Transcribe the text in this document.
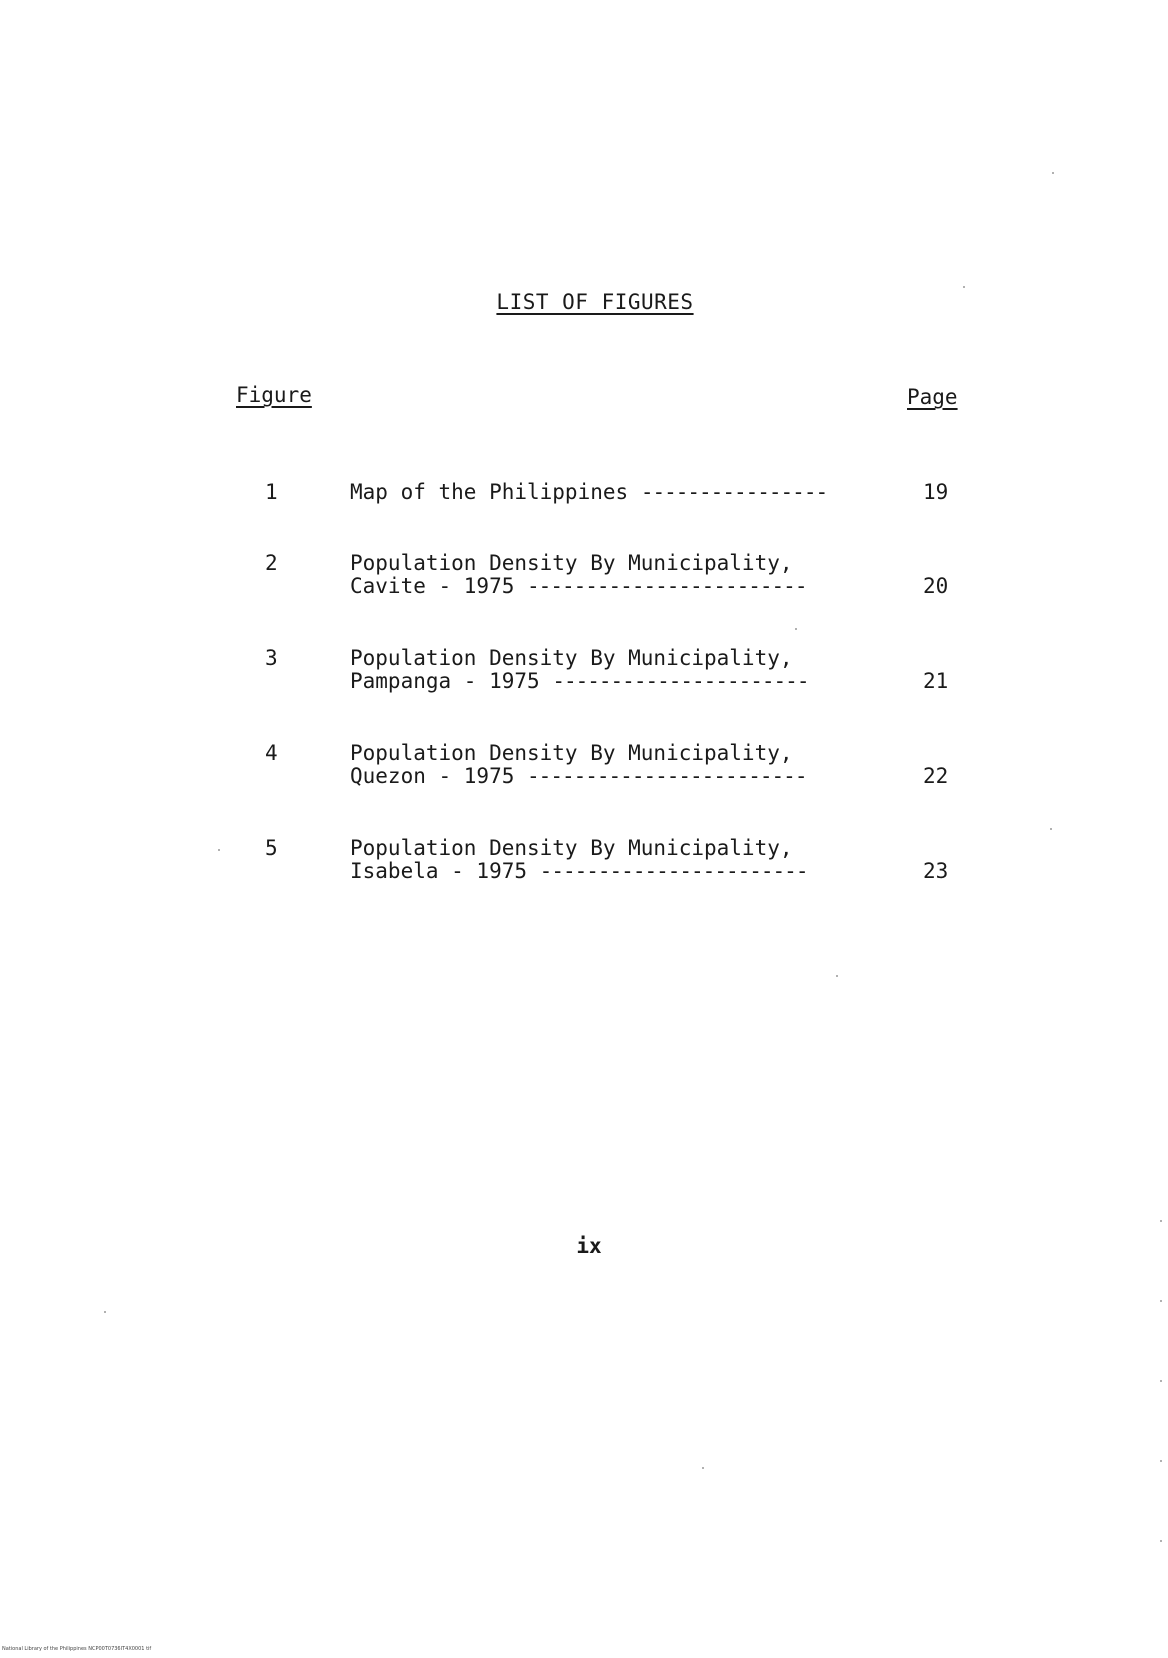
LIST OF FIGURES
Figure	Page
1	Map of the Philippines ----------------	19
2	Population Density By Municipality,
Cavite - 1975 ------------------------	20
3	Population Density By Municipality,
Pampanga - 1975 ----------------------	21
4	Population Density By Municipality,
Quezon - 1975 ------------------------	22
5	Population Density By Municipality,
Isabela - 1975 -----------------------	23
ix
National Library of the Philippines NCP00T0736IT4X0001 tif
